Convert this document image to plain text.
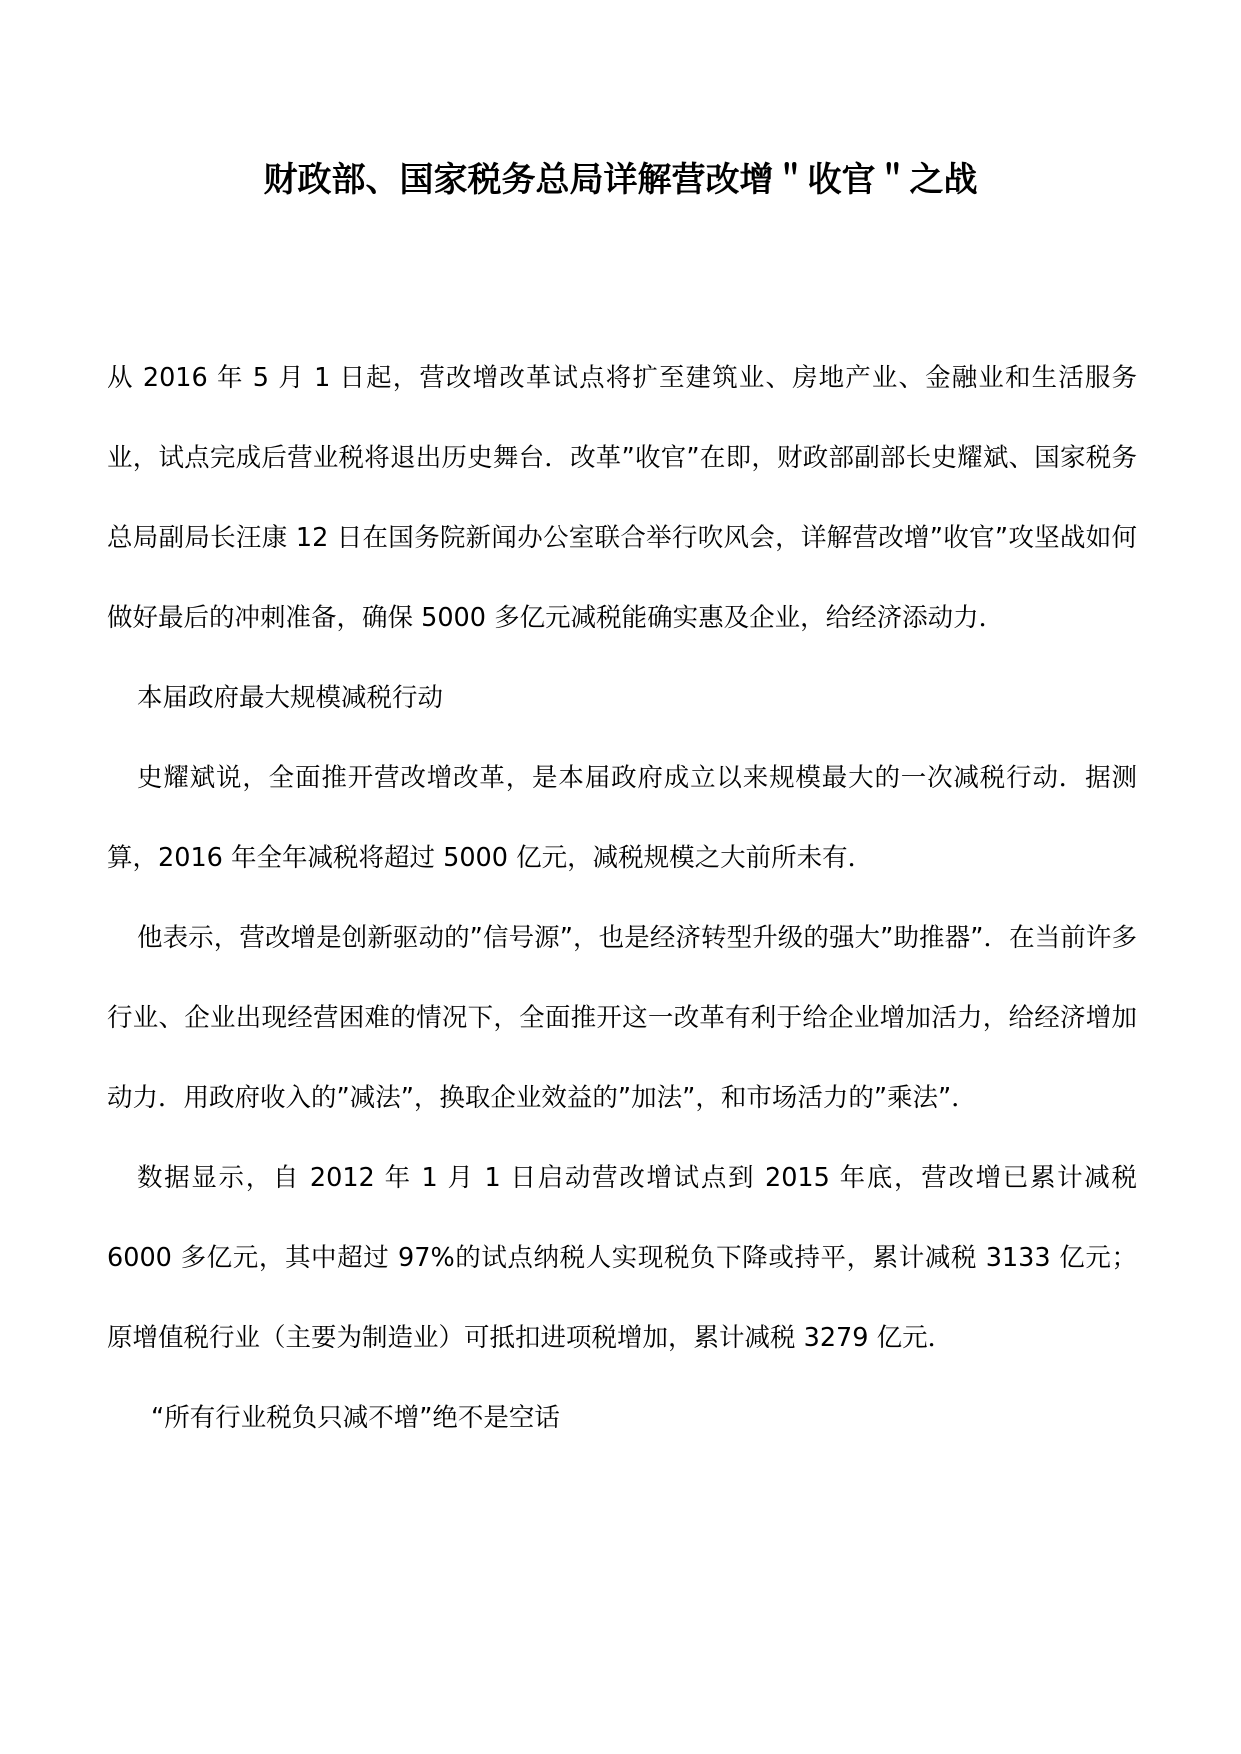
财政部、国家税务总局详解营改增＂收官＂之战

从 2016 年 5 月 1 日起，营改增改革试点将扩至建筑业、房地产业、金融业和生活服务业，试点完成后营业税将退出历史舞台．改革”收官”在即，财政部副部长史耀斌、国家税务总局副局长汪康 12 日在国务院新闻办公室联合举行吹风会，详解营改增”收官”攻坚战如何做好最后的冲刺准备，确保 5000 多亿元减税能确实惠及企业，给经济添动力．

本届政府最大规模减税行动

史耀斌说，全面推开营改增改革，是本届政府成立以来规模最大的一次减税行动．据测算，2016 年全年减税将超过 5000 亿元，减税规模之大前所未有．

他表示，营改增是创新驱动的”信号源”，也是经济转型升级的强大”助推器”．在当前许多行业、企业出现经营困难的情况下，全面推开这一改革有利于给企业增加活力，给经济增加动力．用政府收入的”减法”，换取企业效益的”加法”，和市场活力的”乘法”．

数据显示，自 2012 年 1 月 1 日启动营改增试点到 2015 年底，营改增已累计减税 6000 多亿元，其中超过 97%的试点纳税人实现税负下降或持平，累计减税 3133 亿元；原增值税行业（主要为制造业）可抵扣进项税增加，累计减税 3279 亿元．

“所有行业税负只减不增”绝不是空话
